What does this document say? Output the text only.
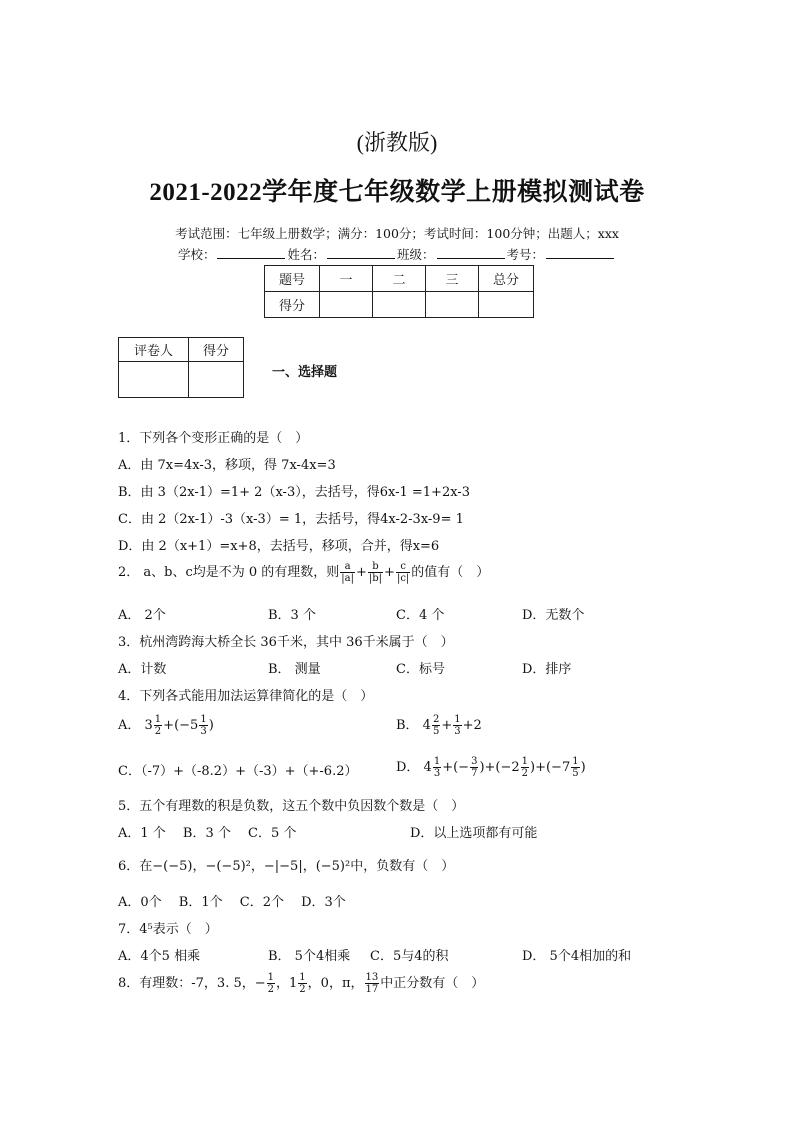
(浙教版)
2021-2022学年度七年级数学上册模拟测试卷
考试范围：七年级上册数学；满分：100分；考试时间：100分钟；出题人；xxx
学校：	姓名：	班级：	考号：
题号	一	二	三	总分
得分				
评卷人	得分

一、选择题
1．下列各个变形正确的是（　）
A．由 7x=4x-3，移项，得 7x-4x=3
B．由 3（2x-1）=1+ 2（x-3），去括号，得6x-1 =1+2x-3
C．由 2（2x-1）-3（x-3）= 1，去括号，得4x-2-3x-9= 1
D．由 2（x+1）=x+8，去括号，移项，合并，得x=6
2． a、b、c均是不为 0 的有理数，则 $\frac{a}{|a|} + \frac{b}{|b|} + \frac{c}{|c|}$ 的值有（　）
A． 2个	B．3 个	C．4 个	D．无数个
3．杭州湾跨海大桥全长 36千米，其中 36千米属于（　）
A．计数	B． 测量	C．标号	D．排序
4．下列各式能用加法运算律简化的是（　）
A． $3 \frac{1}{2} +(-5 \frac{1}{3}$ )	B． $4 \frac{2}{5} + \frac{1}{3} +2$
C．（-7）+（-8.2）+（-3）+（+-6.2）	D． $4 \frac{1}{3}$ +(− $\frac{3}{7} )+(-2 \frac{1}{2} )+(-7 \frac{1}{5}$ )
5．五个有理数的积是负数，这五个数中负因数个数是（　）
A．1 个　 B．3 个　 C．5 个	D．以上选项都有可能
6．在−(−5)，−(−5)²，−|−5|，(−5)²中，负数有（　）
A．0个　 B．1个　 C．2个　 D．3个
7．4⁵表示（　）
A．4个5 相乘	B． 5个4相乘 C．5与4的积	D． 5个4相加的和
8．有理数：-7，3. 5，− $\frac{1}{2}$ ，$1 \frac{1}{2}$ ，0，π， $\frac{13}{17}$ 中正分数有（　）
